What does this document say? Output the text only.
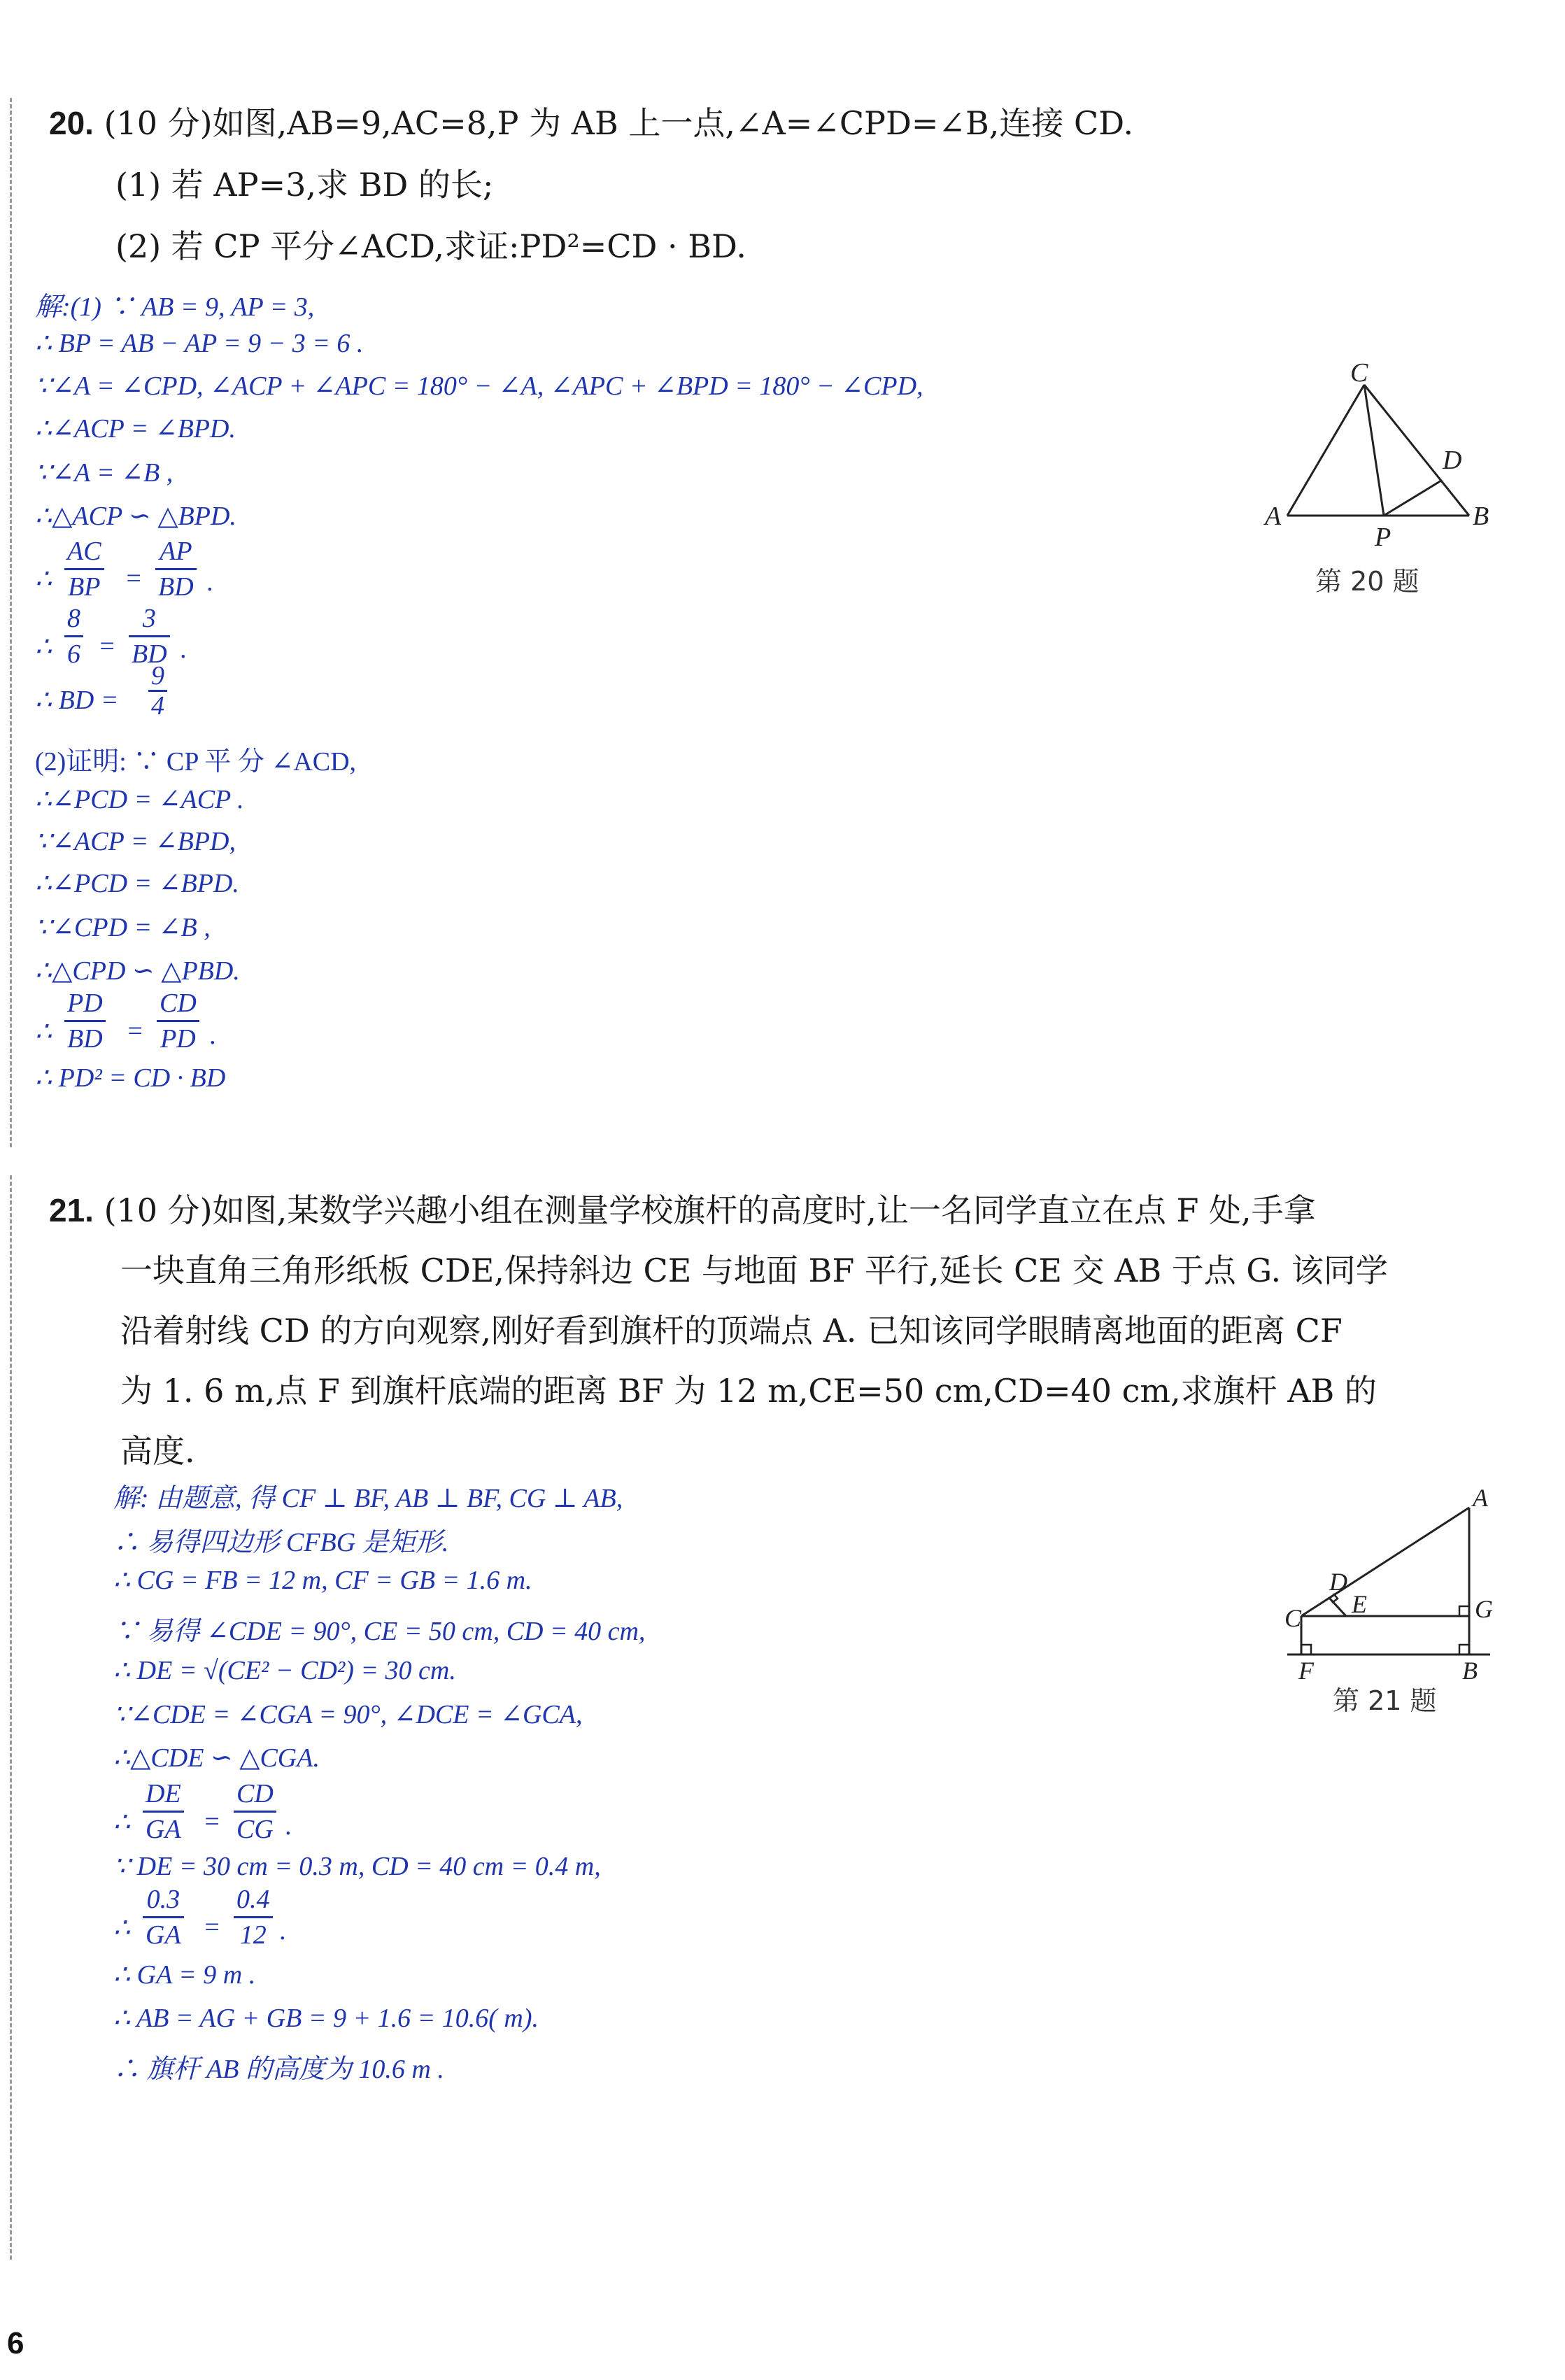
20. (10 分)如图,AB=9,AC=8,P 为 AB 上一点,∠A=∠CPD=∠B,连接 CD.
(1) 若 AP=3,求 BD 的长;
(2) 若 CP 平分∠ACD,求证:PD²=CD · BD.
解:(1) ∵ AB = 9, AP = 3,
∴ BP = AB − AP = 9 − 3 = 6 .
∵∠A = ∠CPD, ∠ACP + ∠APC = 180° − ∠A, ∠APC + ∠BPD = 180° − ∠CPD,
∴∠ACP = ∠BPD.
∵∠A = ∠B ,
∴△ACP ∽ △BPD.
∴
AC
BP =
AP
BD .
∴
8
6 =
3
BD .
∴ BD =
9
4
(2)证明: ∵ CP 平 分 ∠ACD,
∴∠PCD = ∠ACP .
∵∠ACP = ∠BPD,
∴∠PCD = ∠BPD.
∵∠CPD = ∠B ,
∴△CPD ∽ △PBD.
∴
PD
BD =
CD
PD .
∴ PD² = CD · BD
C
D
A
P
B
第 20 题
21. (10 分)如图,某数学兴趣小组在测量学校旗杆的高度时,让一名同学直立在点 F 处,手拿
一块直角三角形纸板 CDE,保持斜边 CE 与地面 BF 平行,延长 CE 交 AB 于点 G. 该同学
沿着射线 CD 的方向观察,刚好看到旗杆的顶端点 A. 已知该同学眼睛离地面的距离 CF
为 1. 6 m,点 F 到旗杆底端的距离 BF 为 12 m,CE=50 cm,CD=40 cm,求旗杆 AB 的
高度.
解: 由题意, 得 CF ⊥ BF, AB ⊥ BF, CG ⊥ AB,
∴ 易得四边形 CFBG 是矩形.
∴ CG = FB = 12 m, CF = GB = 1.6 m.
∵ 易得 ∠CDE = 90°, CE = 50 cm, CD = 40 cm,
∴ DE = √(CE² − CD²) = 30 cm.
∵∠CDE = ∠CGA = 90°, ∠DCE = ∠GCA,
∴△CDE ∽ △CGA.
∴
DE
GA =
CD
CG .
∵ DE = 30 cm = 0.3 m, CD = 40 cm = 0.4 m,
∴
0.3
GA =
0.4
12 .
∴ GA = 9 m .
∴ AB = AG + GB = 9 + 1.6 = 10.6( m).
∴ 旗杆 AB 的高度为 10.6 m .
A
D
E
C	G
F	B
第 21 题
6
